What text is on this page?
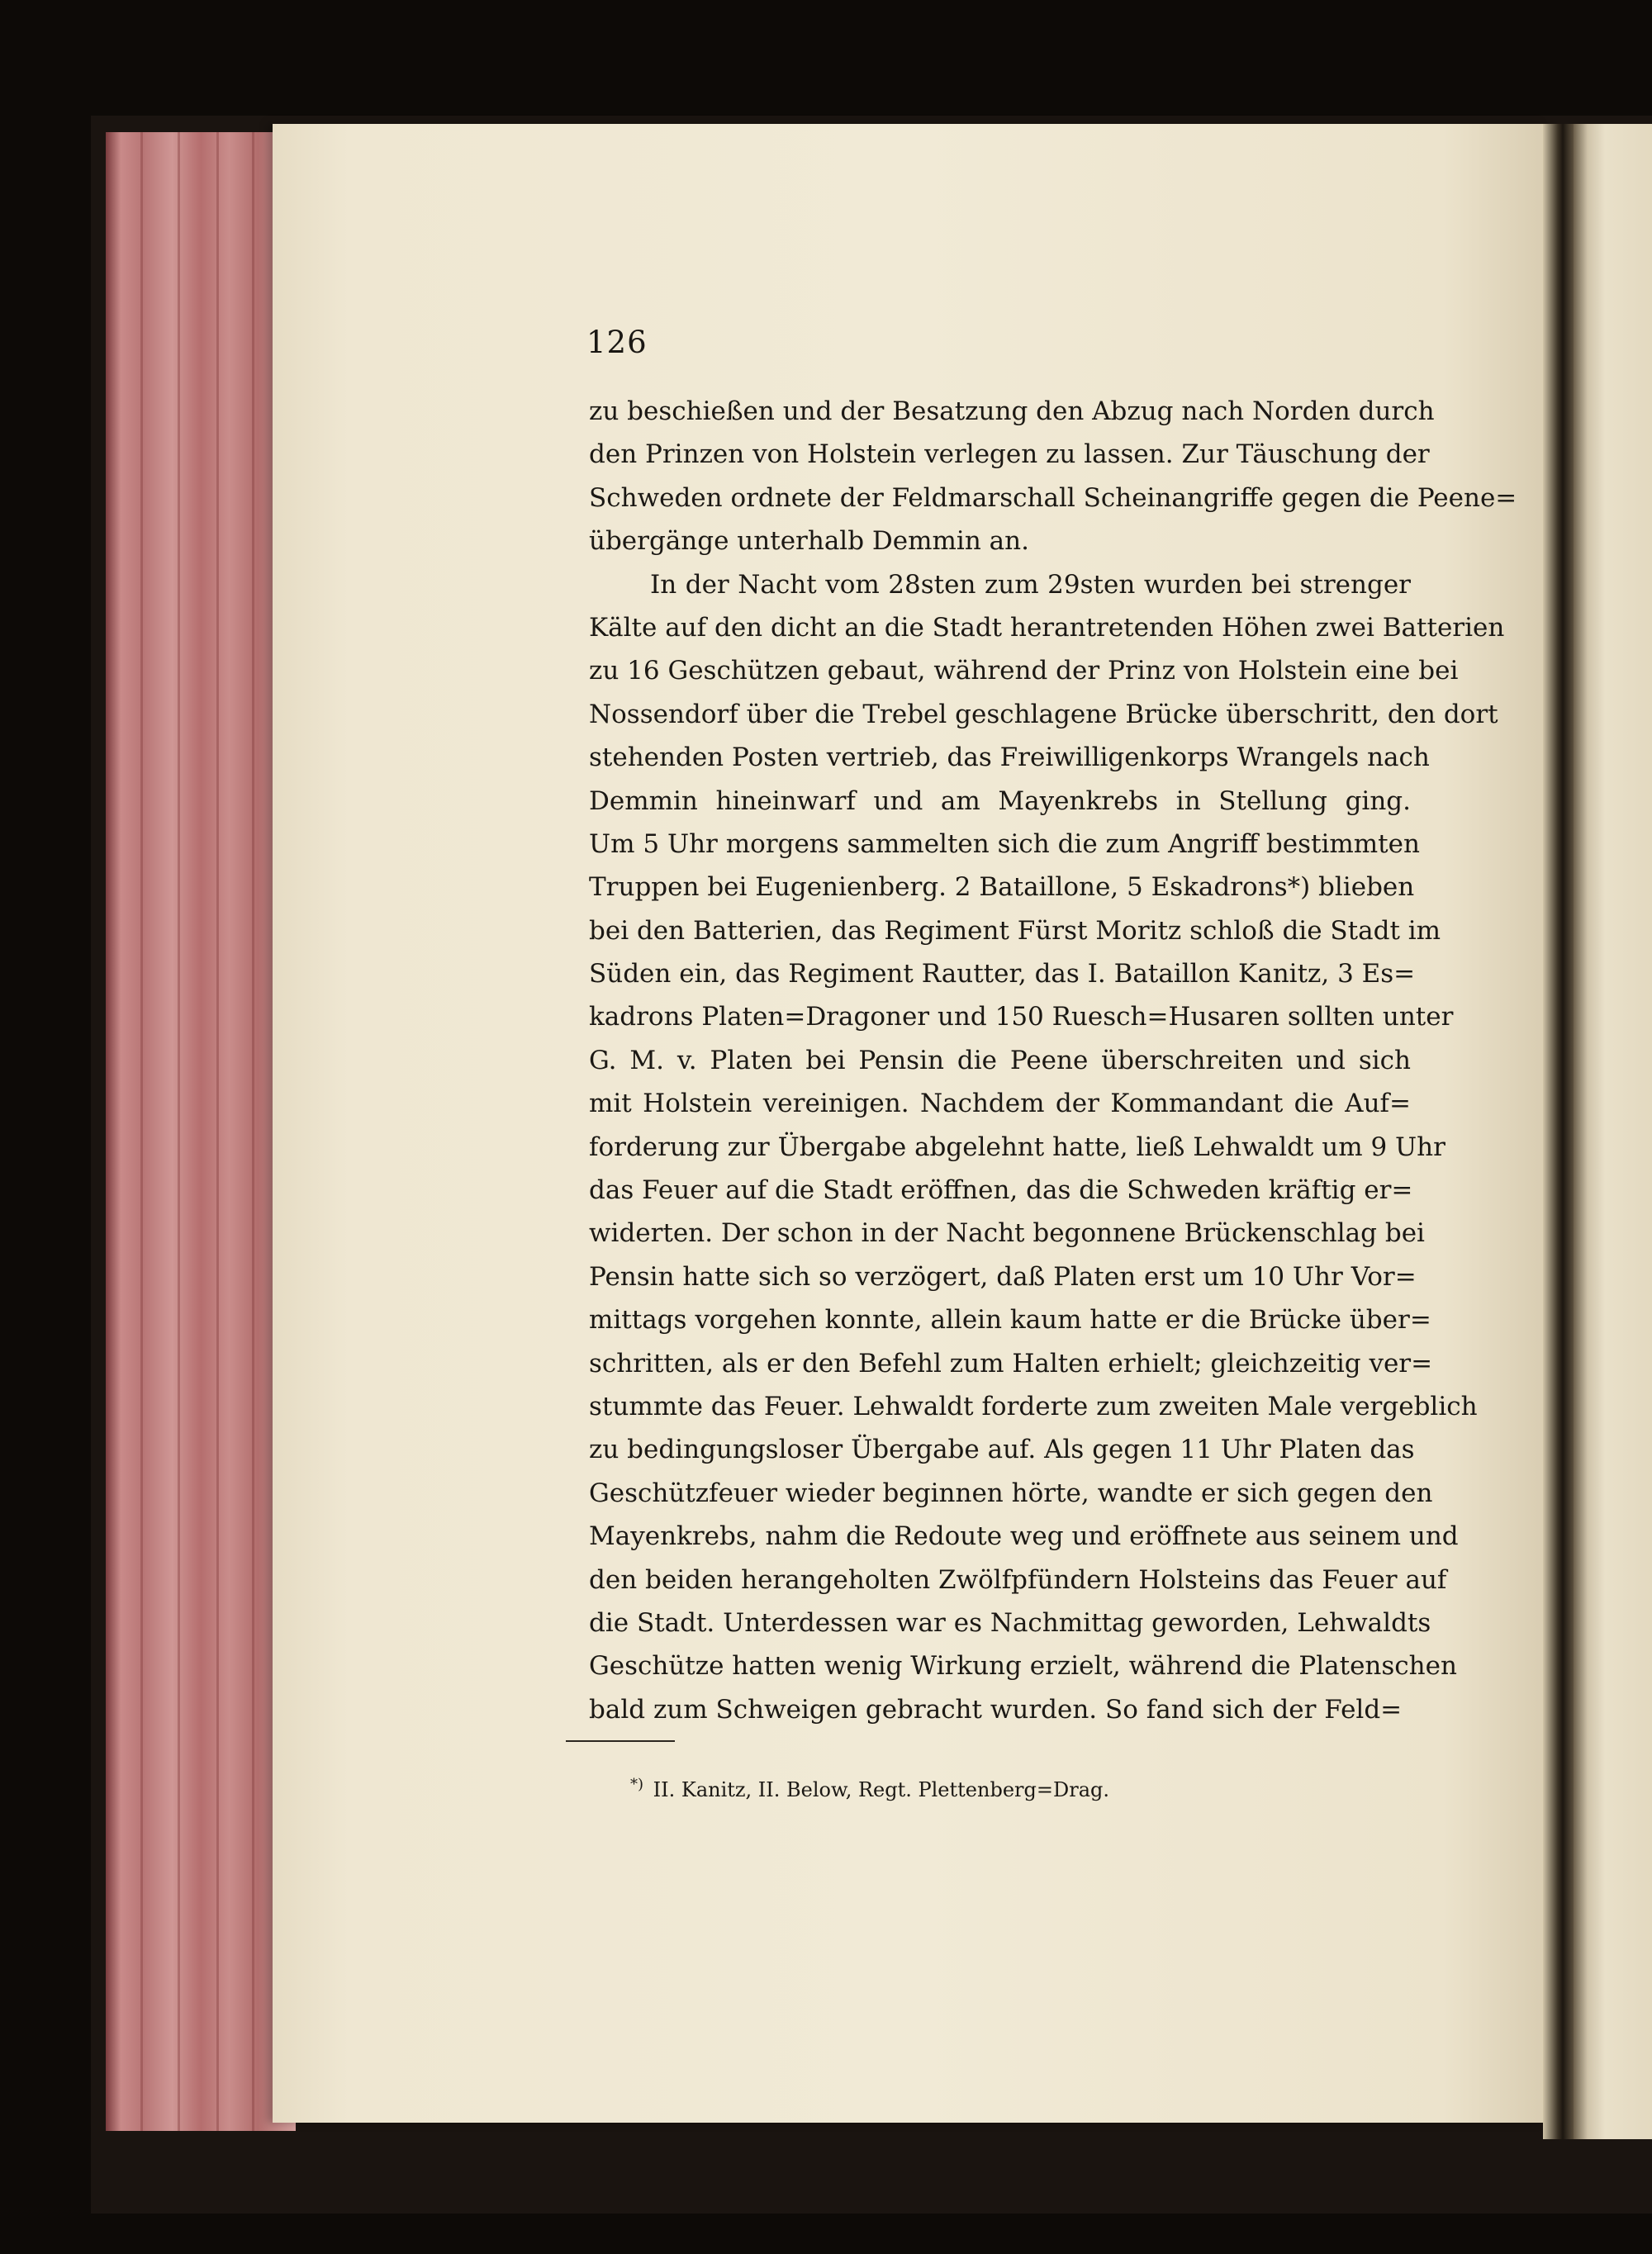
126
zu beschießen und der Besatzung den Abzug nach Norden durch
den Prinzen von Holstein verlegen zu lassen. Zur Täuschung der
Schweden ordnete der Feldmarschall Scheinangriffe gegen die Peene=
übergänge unterhalb Demmin an.
In der Nacht vom 28sten zum 29sten wurden bei strenger
Kälte auf den dicht an die Stadt herantretenden Höhen zwei Batterien
zu 16 Geschützen gebaut, während der Prinz von Holstein eine bei
Nossendorf über die Trebel geschlagene Brücke überschritt, den dort
stehenden Posten vertrieb, das Freiwilligenkorps Wrangels nach
Demmin hineinwarf und am Mayenkrebs in Stellung ging.
Um 5 Uhr morgens sammelten sich die zum Angriff bestimmten
Truppen bei Eugenienberg. 2 Bataillone, 5 Eskadrons*) blieben
bei den Batterien, das Regiment Fürst Moritz schloß die Stadt im
Süden ein, das Regiment Rautter, das I. Bataillon Kanitz, 3 Es=
kadrons Platen=Dragoner und 150 Ruesch=Husaren sollten unter
G. M. v. Platen bei Pensin die Peene überschreiten und sich
mit Holstein vereinigen. Nachdem der Kommandant die Auf=
forderung zur Übergabe abgelehnt hatte, ließ Lehwaldt um 9 Uhr
das Feuer auf die Stadt eröffnen, das die Schweden kräftig er=
widerten. Der schon in der Nacht begonnene Brückenschlag bei
Pensin hatte sich so verzögert, daß Platen erst um 10 Uhr Vor=
mittags vorgehen konnte, allein kaum hatte er die Brücke über=
schritten, als er den Befehl zum Halten erhielt; gleichzeitig ver=
stummte das Feuer. Lehwaldt forderte zum zweiten Male vergeblich
zu bedingungsloser Übergabe auf. Als gegen 11 Uhr Platen das
Geschützfeuer wieder beginnen hörte, wandte er sich gegen den
Mayenkrebs, nahm die Redoute weg und eröffnete aus seinem und
den beiden herangeholten Zwölfpfündern Holsteins das Feuer auf
die Stadt. Unterdessen war es Nachmittag geworden, Lehwaldts
Geschütze hatten wenig Wirkung erzielt, während die Platenschen
bald zum Schweigen gebracht wurden. So fand sich der Feld=
*) II. Kanitz, II. Below, Regt. Plettenberg=Drag.
